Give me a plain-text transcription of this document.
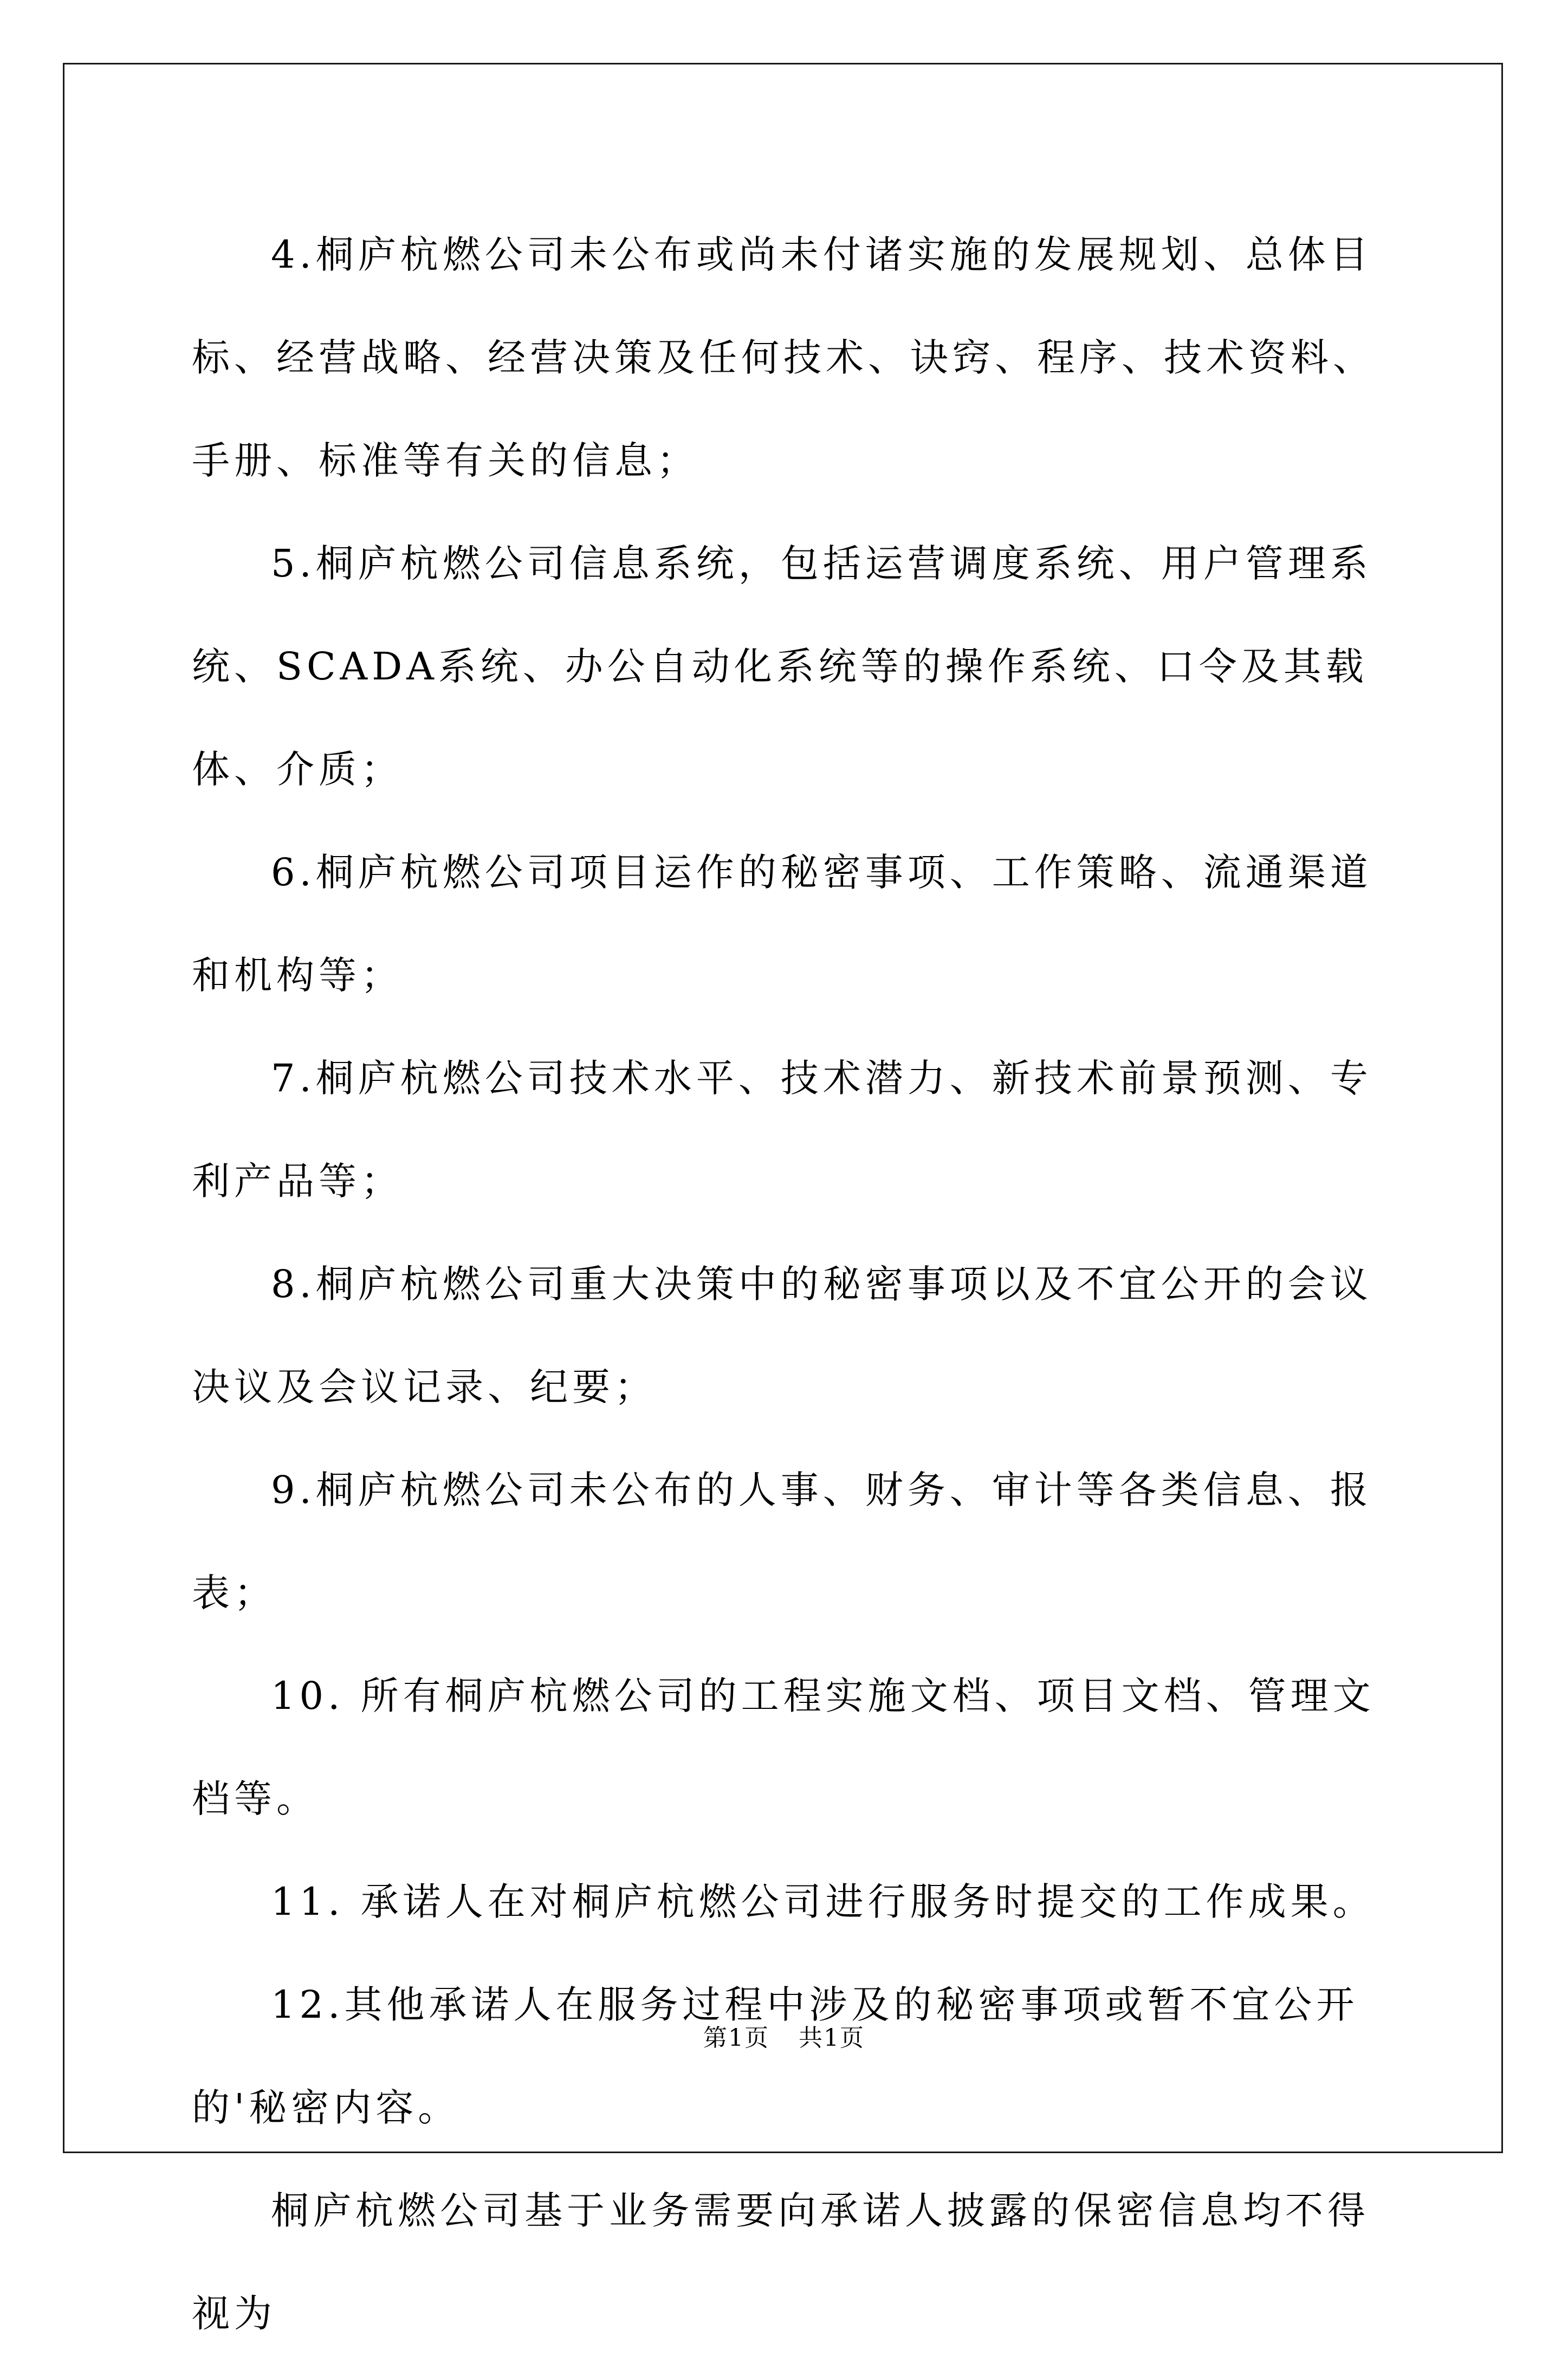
4.桐庐杭燃公司未公布或尚未付诸实施的发展规划、总体目标、经营战略、经营决策及任何技术、诀窍、程序、技术资料、手册、标准等有关的信息；

5.桐庐杭燃公司信息系统，包括运营调度系统、用户管理系统、SCADA系统、办公自动化系统等的操作系统、口令及其载体、介质；

6.桐庐杭燃公司项目运作的秘密事项、工作策略、流通渠道和机构等；

7.桐庐杭燃公司技术水平、技术潜力、新技术前景预测、专利产品等；

8.桐庐杭燃公司重大决策中的秘密事项以及不宜公开的会议决议及会议记录、纪要；

9.桐庐杭燃公司未公布的人事、财务、审计等各类信息、报表；

10. 所有桐庐杭燃公司的工程实施文档、项目文档、管理文档等。

11. 承诺人在对桐庐杭燃公司进行服务时提交的工作成果。

12.其他承诺人在服务过程中涉及的秘密事项或暂不宜公开的'秘密内容。

桐庐杭燃公司基于业务需要向承诺人披露的保密信息均不得视为

第1页 共1页
